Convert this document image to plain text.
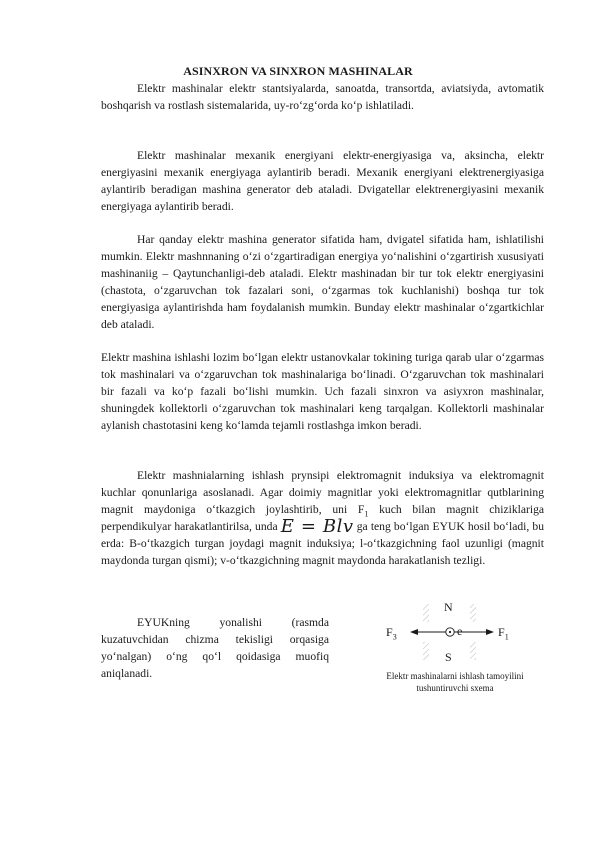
ASINXRON VA SINXRON MASHINALAR

Elektr mashinalar elektr stantsiyalarda, sanoatda, transortda, aviatsiyda, avtomatik boshqarish va rostlash sistemalarida, uy-ro‘zg‘orda ko‘p ishlatiladi.

Elektr mashinalar mexanik energiyani elektr-energiyasiga va, aksincha, elektr energiyasini mexanik energiyaga aylantirib beradi. Mexanik energiyani elektrenergiyasiga aylantirib beradigan mashina generator deb ataladi. Dvigatellar elektrenergiyasini mexanik energiyaga aylantirib beradi.

Har qanday elektr mashina generator sifatida ham, dvigatel sifatida ham, ishlatilishi mumkin. Elektr mashnnaning o‘zi o‘zgartiradigan energiya yo‘nalishini o‘zgartirish xususiyati mashinaniig – Qaytunchanligi-deb ataladi. Elektr mashinadan bir tur tok elektr energiyasini (chastota, o‘zgaruvchan tok fazalari soni, o‘zgarmas tok kuchlanishi) boshqa tur tok energiyasiga aylantirishda ham foydalanish mumkin. Bunday elektr mashinalar o‘zgartkichlar deb ataladi.

Elektr mashina ishlashi lozim bo‘lgan elektr ustanovkalar tokining turiga qarab ular o‘zgarmas tok mashinalari va o‘zgaruvchan tok mashinalariga bo‘linadi. O‘zgaruvchan tok mashinalari bir fazali va ko‘p fazali bo‘lishi mumkin. Uch fazali sinxron va asiyxron mashinalar, shuningdek kollektorli o‘zgaruvchan tok mashinalari keng tarqalgan. Kollektorli mashinalar aylanish chastotasini keng ko‘lamda tejamli rostlashga imkon beradi.

Elektr mashnialarning ishlash prynsipi elektromagnit induksiya va elektromagnit kuchlar qonunlariga asoslanadi. Agar doimiy magnitlar yoki elektromagnitlar qutblarining magnit maydoniga o‘tkazgich joylashtirib, uni $F_1$ kuch bilan magnit chiziklariga perpendikulyar harakatlantirilsa, unda E = Blv ga teng bo‘lgan EYUK hosil bo‘ladi, bu erda: B-o‘tkazgich turgan joydagi magnit induksiya; l-o‘tkazgichning faol uzunligi (magnit maydonda turgan qismi); v-o‘tkazgichning magnit maydonda harakatlanish tezligi.

EYUKning yonalishi (rasmda kuzatuvchidan chizma tekisligi orqasiga yo‘nalgan) o‘ng qo‘l qoidasiga muofiq aniqlanadi.

N
S
$F_3$	$F_1$
e
Elektr mashinalarni ishlash tamoyilini tushuntiruvchi sxema
